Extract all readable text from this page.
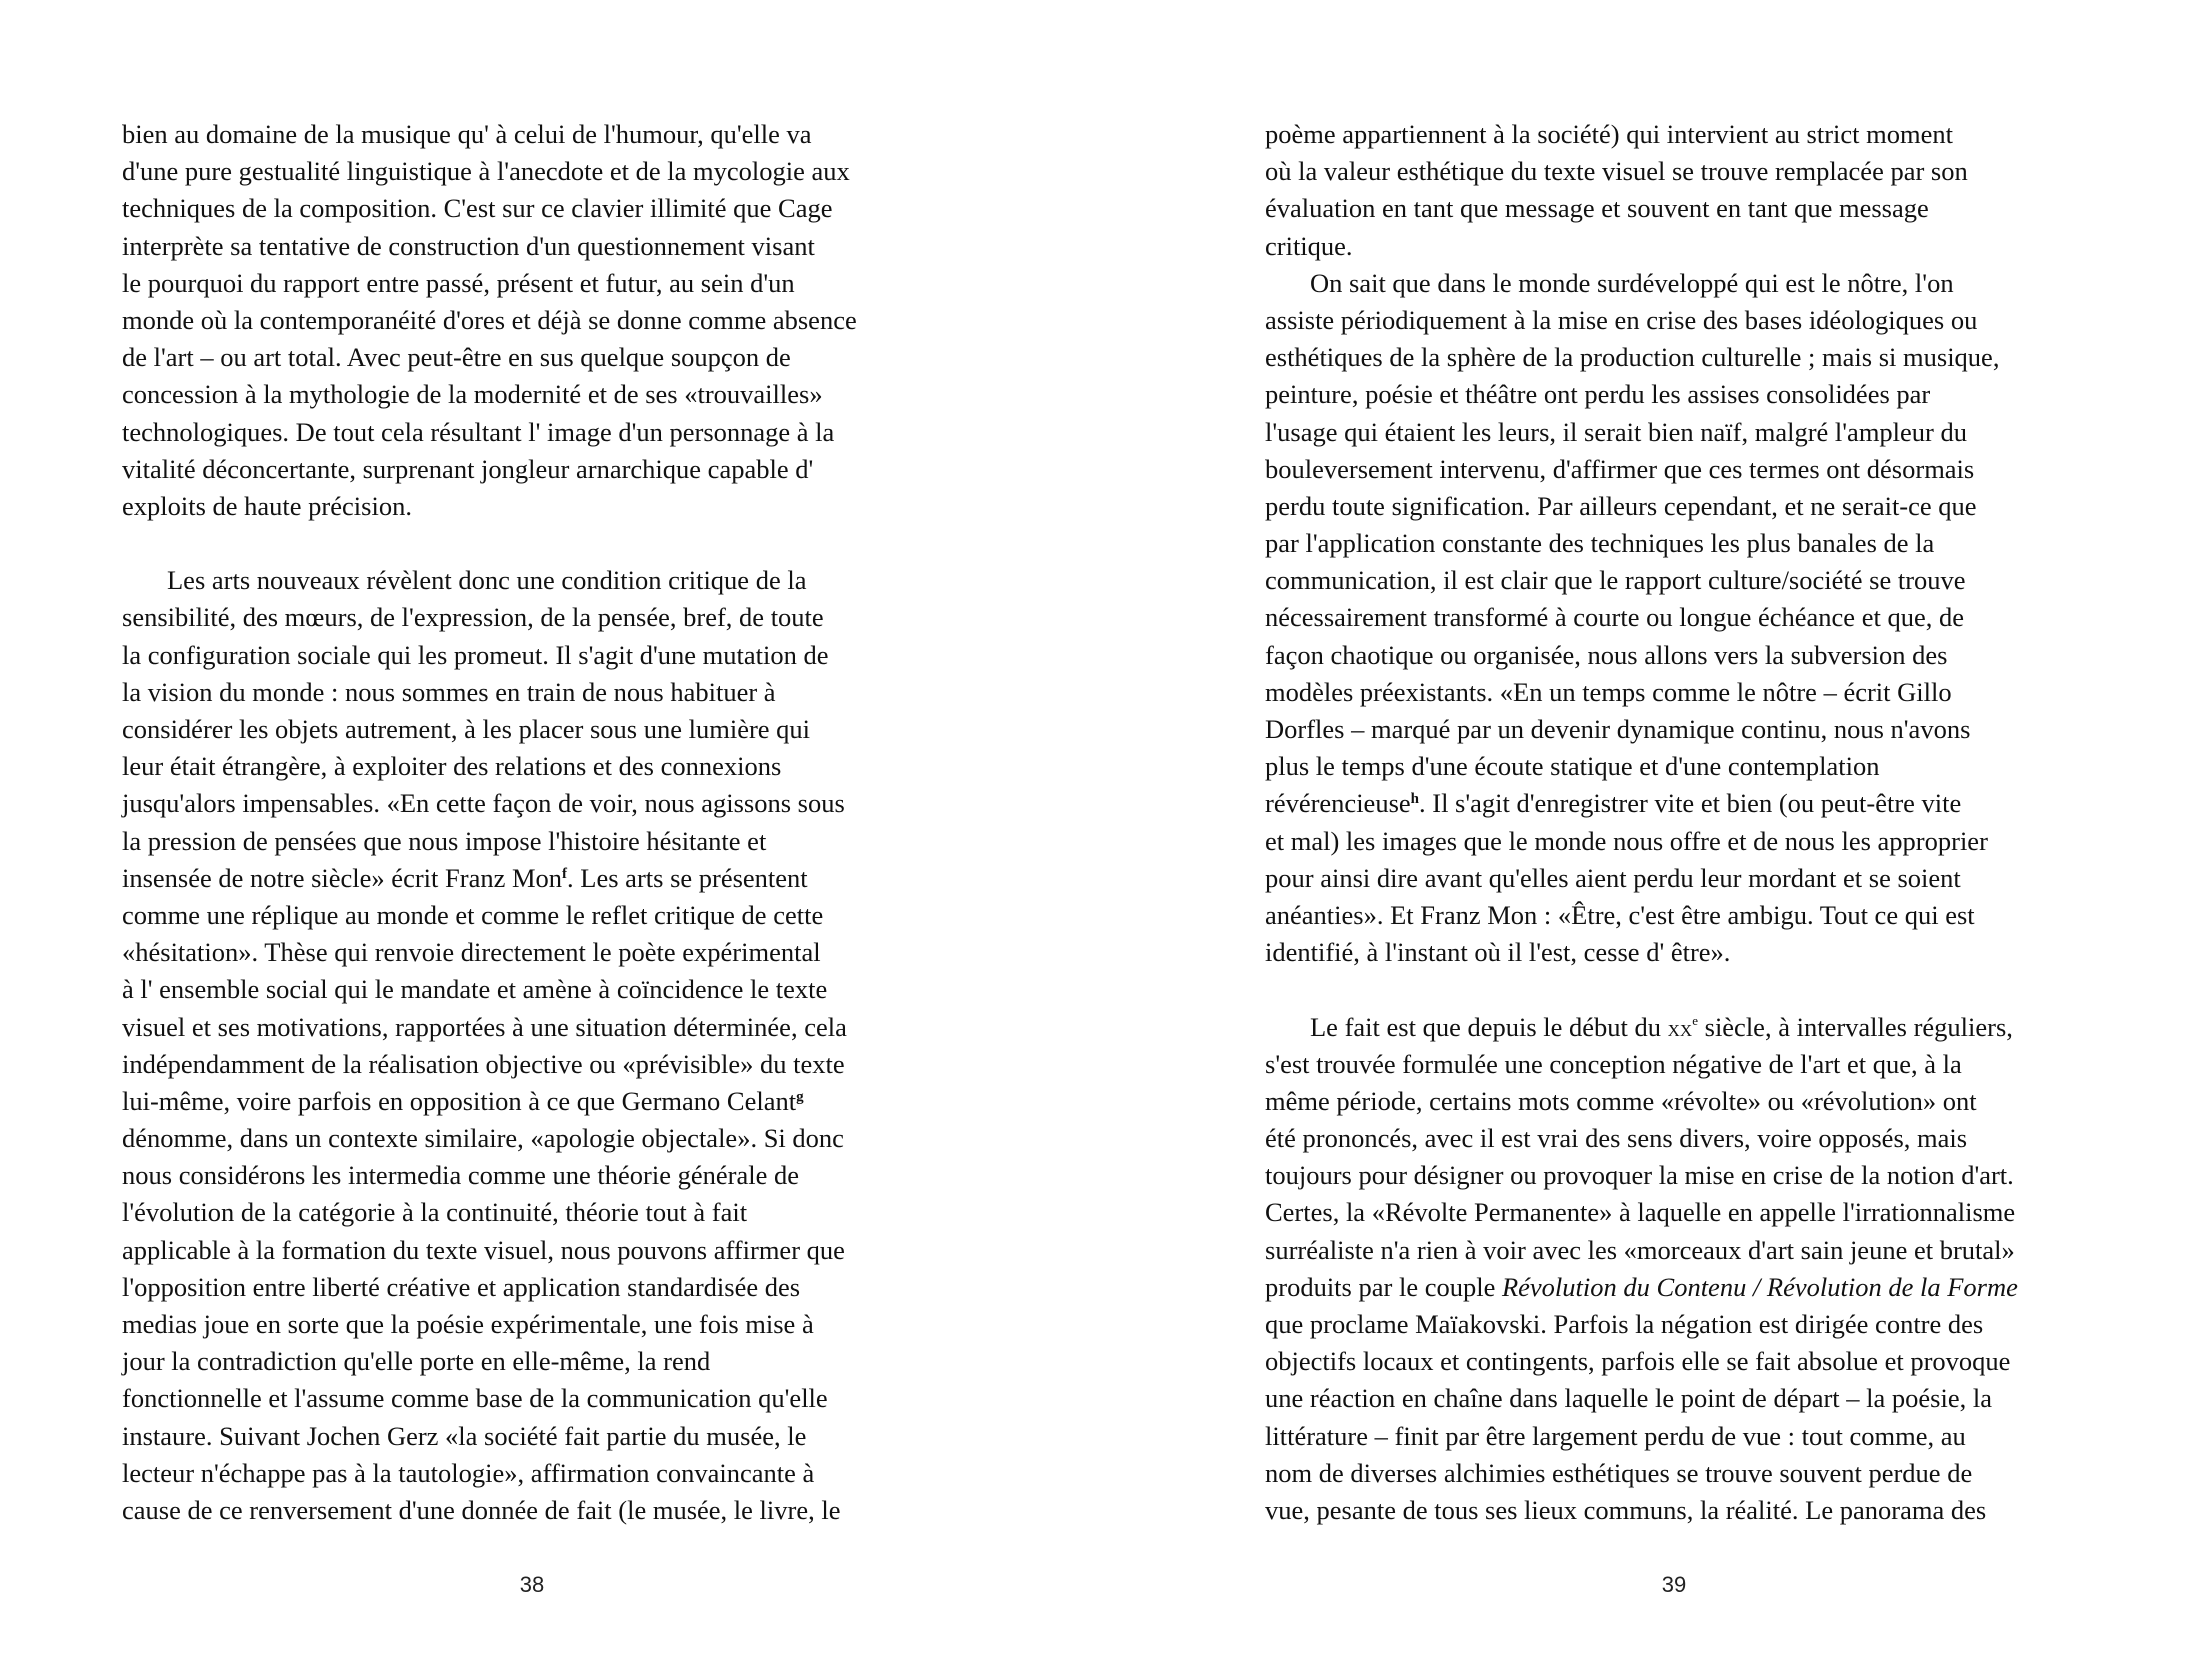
bien au domaine de la musique qu' à celui de l'humour, qu'elle va
d'une pure gestualité linguistique à l'anecdote et de la mycologie aux
techniques de la composition. C'est sur ce clavier illimité que Cage
interprète sa tentative de construction d'un questionnement visant
le pourquoi du rapport entre passé, présent et futur, au sein d'un
monde où la contemporanéité d'ores et déjà se donne comme absence
de l'art – ou art total. Avec peut-être en sus quelque soupçon de
concession à la mythologie de la modernité et de ses «trouvailles»
technologiques. De tout cela résultant l' image d'un personnage à la
vitalité déconcertante, surprenant jongleur arnarchique capable d'
exploits de haute précision.
Les arts nouveaux révèlent donc une condition critique de la
sensibilité, des mœurs, de l'expression, de la pensée, bref, de toute
la configuration sociale qui les promeut. Il s'agit d'une mutation de
la vision du monde : nous sommes en train de nous habituer à
considérer les objets autrement, à les placer sous une lumière qui
leur était étrangère, à exploiter des relations et des connexions
jusqu'alors impensables. «En cette façon de voir, nous agissons sous
la pression de pensées que nous impose l'histoire hésitante et
insensée de notre siècle» écrit Franz Mon$^f$. Les arts se présentent
comme une réplique au monde et comme le reflet critique de cette
«hésitation». Thèse qui renvoie directement le poète expérimental
à l' ensemble social qui le mandate et amène à coïncidence le texte
visuel et ses motivations, rapportées à une situation déterminée, cela
indépendamment de la réalisation objective ou «prévisible» du texte
lui-même, voire parfois en opposition à ce que Germano Celant$^g$
dénomme, dans un contexte similaire, «apologie objectale». Si donc
nous considérons les intermedia comme une théorie générale de
l'évolution de la catégorie à la continuité, théorie tout à fait
applicable à la formation du texte visuel, nous pouvons affirmer que
l'opposition entre liberté créative et application standardisée des
medias joue en sorte que la poésie expérimentale, une fois mise à
jour la contradiction qu'elle porte en elle-même, la rend
fonctionnelle et l'assume comme base de la communication qu'elle
instaure. Suivant Jochen Gerz «la société fait partie du musée, le
lecteur n'échappe pas à la tautologie», affirmation convaincante à
cause de ce renversement d'une donnée de fait (le musée, le livre, le
38
poème appartiennent à la société) qui intervient au strict moment
où la valeur esthétique du texte visuel se trouve remplacée par son
évaluation en tant que message et souvent en tant que message
critique.
On sait que dans le monde surdéveloppé qui est le nôtre, l'on
assiste périodiquement à la mise en crise des bases idéologiques ou
esthétiques de la sphère de la production culturelle ; mais si musique,
peinture, poésie et théâtre ont perdu les assises consolidées par
l'usage qui étaient les leurs, il serait bien naïf, malgré l'ampleur du
bouleversement intervenu, d'affirmer que ces termes ont désormais
perdu toute signification. Par ailleurs cependant, et ne serait-ce que
par l'application constante des techniques les plus banales de la
communication, il est clair que le rapport culture/société se trouve
nécessairement transformé à courte ou longue échéance et que, de
façon chaotique ou organisée, nous allons vers la subversion des
modèles préexistants. «En un temps comme le nôtre – écrit Gillo
Dorfles – marqué par un devenir dynamique continu, nous n'avons
plus le temps d'une écoute statique et d'une contemplation
révérencieuse$^h$. Il s'agit d'enregistrer vite et bien (ou peut-être vite
et mal) les images que le monde nous offre et de nous les approprier
pour ainsi dire avant qu'elles aient perdu leur mordant et se soient
anéanties». Et Franz Mon : «Être, c'est être ambigu. Tout ce qui est
identifié, à l'instant où il l'est, cesse d' être».
Le fait est que depuis le début du $xx^e$ siècle, à intervalles réguliers,
s'est trouvée formulée une conception négative de l'art et que, à la
même période, certains mots comme «révolte» ou «révolution» ont
été prononcés, avec il est vrai des sens divers, voire opposés, mais
toujours pour désigner ou provoquer la mise en crise de la notion d'art.
Certes, la «Révolte Permanente» à laquelle en appelle l'irrationnalisme
surréaliste n'a rien à voir avec les «morceaux d'art sain jeune et brutal»
produits par le couple Révolution du Contenu / Révolution de la Forme
que proclame Maïakovski. Parfois la négation est dirigée contre des
objectifs locaux et contingents, parfois elle se fait absolue et provoque
une réaction en chaîne dans laquelle le point de départ – la poésie, la
littérature – finit par être largement perdu de vue : tout comme, au
nom de diverses alchimies esthétiques se trouve souvent perdue de
vue, pesante de tous ses lieux communs, la réalité. Le panorama des
39
